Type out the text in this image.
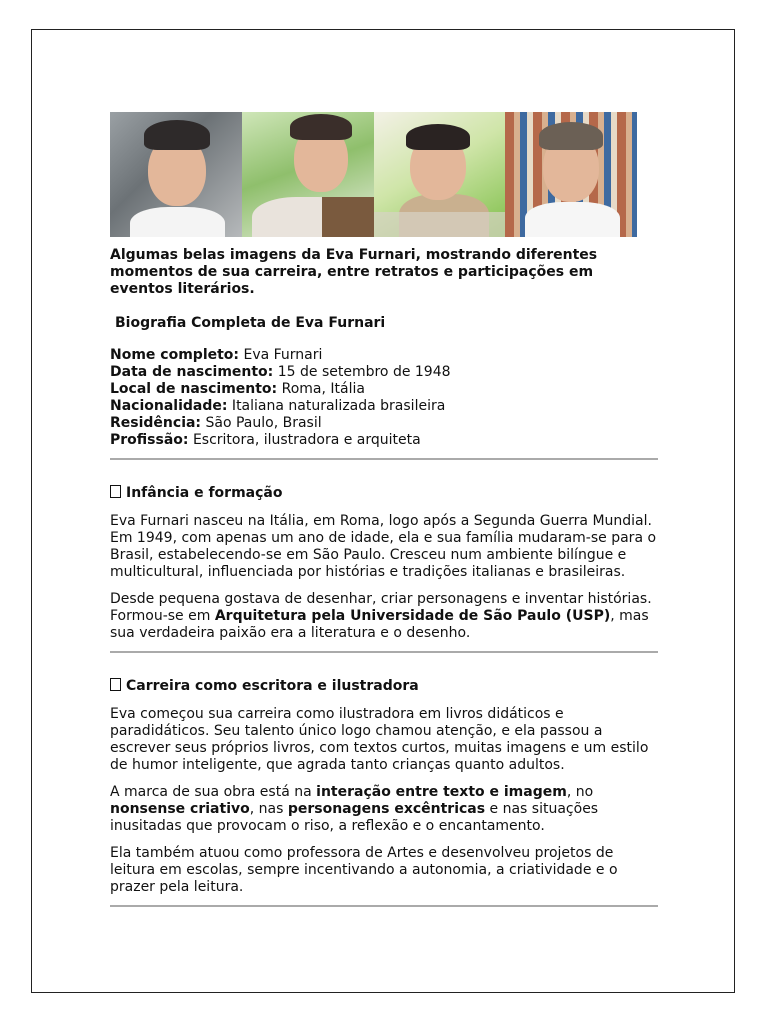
Algumas belas imagens da Eva Furnari, mostrando diferentes momentos de sua carreira, entre retratos e participações em eventos literários.
Biografia Completa de Eva Furnari
Nome completo: Eva Furnari
Data de nascimento: 15 de setembro de 1948
Local de nascimento: Roma, Itália
Nacionalidade: Italiana naturalizada brasileira
Residência: São Paulo, Brasil
Profissão: Escritora, ilustradora e arquiteta
Infância e formação
Eva Furnari nasceu na Itália, em Roma, logo após a Segunda Guerra Mundial. Em 1949, com apenas um ano de idade, ela e sua família mudaram-se para o Brasil, estabelecendo-se em São Paulo. Cresceu num ambiente bilíngue e multicultural, influenciada por histórias e tradições italianas e brasileiras.
Desde pequena gostava de desenhar, criar personagens e inventar histórias. Formou-se em Arquitetura pela Universidade de São Paulo (USP), mas sua verdadeira paixão era a literatura e o desenho.
Carreira como escritora e ilustradora
Eva começou sua carreira como ilustradora em livros didáticos e paradidáticos. Seu talento único logo chamou atenção, e ela passou a escrever seus próprios livros, com textos curtos, muitas imagens e um estilo de humor inteligente, que agrada tanto crianças quanto adultos.
A marca de sua obra está na interação entre texto e imagem, no nonsense criativo, nas personagens excêntricas e nas situações inusitadas que provocam o riso, a reflexão e o encantamento.
Ela também atuou como professora de Artes e desenvolveu projetos de leitura em escolas, sempre incentivando a autonomia, a criatividade e o prazer pela leitura.
